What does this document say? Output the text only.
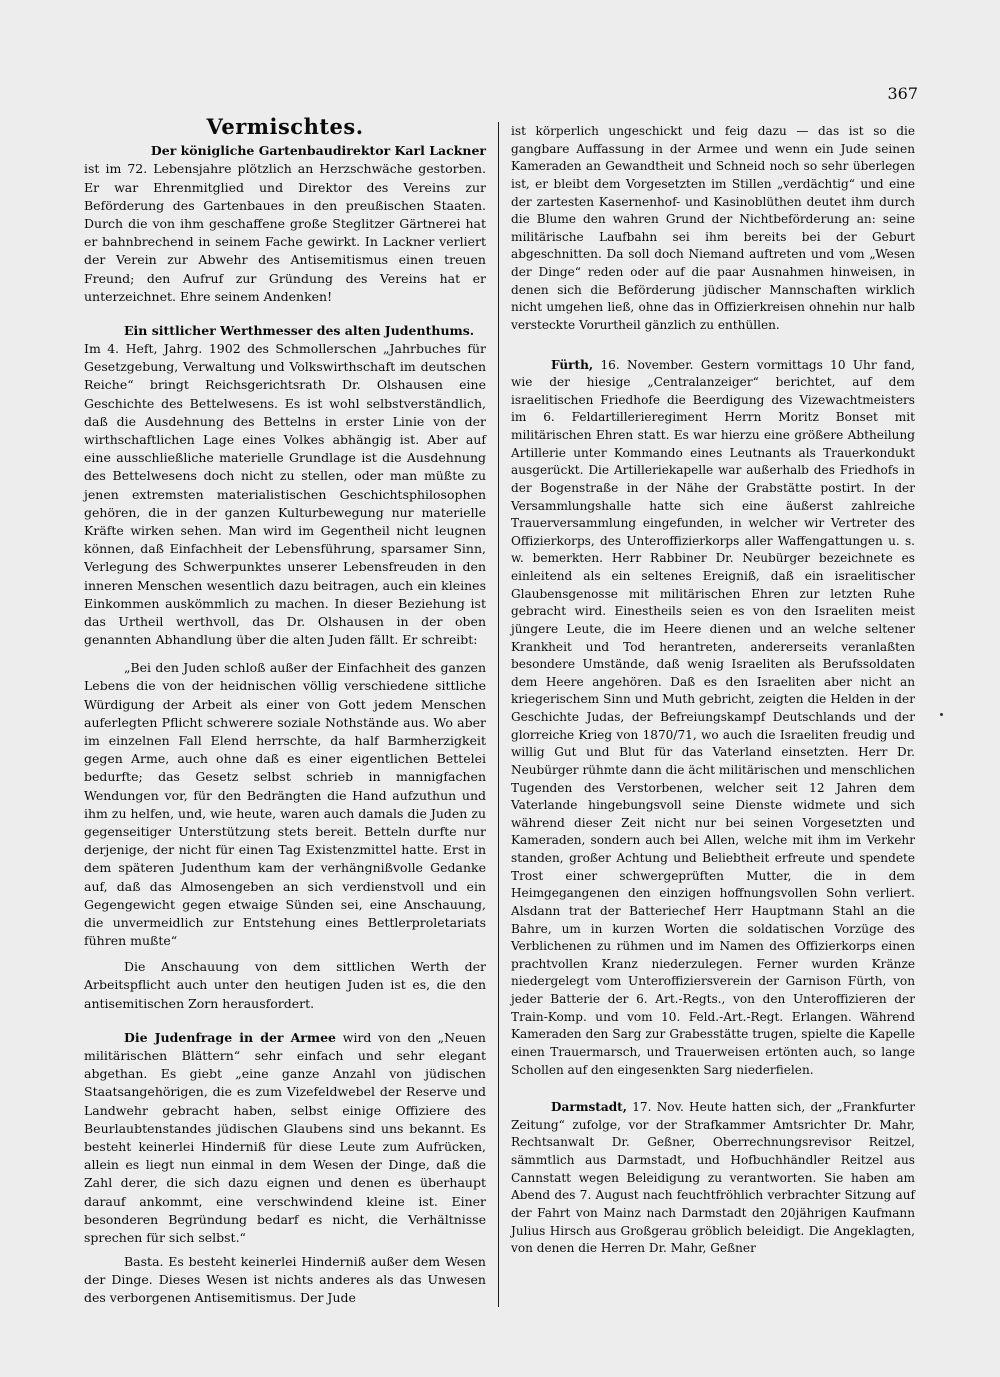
367
Vermischtes.

Der königliche Gartenbaudirektor Karl Lackner

ist im 72. Lebensjahre plötzlich an Herzschwäche gestorben. Er war Ehrenmitglied und Direktor des Vereins zur Beförderung des Gartenbaues in den preußischen Staaten. Durch die von ihm geschaffene große Steglitzer Gärtnerei hat er bahnbrechend in seinem Fache gewirkt. In Lackner verliert der Verein zur Abwehr des Antisemitismus einen treuen Freund; den Aufruf zur Gründung des Vereins hat er unterzeichnet. Ehre seinem Andenken!

Ein sittlicher Werthmesser des alten Judenthums.

Im 4. Heft, Jahrg. 1902 des Schmollerschen „Jahrbuches für Gesetzgebung, Verwaltung und Volkswirthschaft im deutschen Reiche“ bringt Reichsgerichtsrath Dr. Olshausen eine Geschichte des Bettelwesens. Es ist wohl selbstverständlich, daß die Ausdehnung des Bettelns in erster Linie von der wirthschaftlichen Lage eines Volkes abhängig ist. Aber auf eine ausschließliche materielle Grundlage ist die Ausdehnung des Bettelwesens doch nicht zu stellen, oder man müßte zu jenen extremsten materialistischen Geschichtsphilosophen gehören, die in der ganzen Kulturbewegung nur materielle Kräfte wirken sehen. Man wird im Gegentheil nicht leugnen können, daß Einfachheit der Lebensführung, sparsamer Sinn, Verlegung des Schwerpunktes unserer Lebensfreuden in den inneren Menschen wesentlich dazu beitragen, auch ein kleines Einkommen auskömmlich zu machen. In dieser Beziehung ist das Urtheil werthvoll, das Dr. Olshausen in der oben genannten Abhandlung über die alten Juden fällt. Er schreibt:

„Bei den Juden schloß außer der Einfachheit des ganzen Lebens die von der heidnischen völlig verschiedene sittliche Würdigung der Arbeit als einer von Gott jedem Menschen auferlegten Pflicht schwerere soziale Nothstände aus. Wo aber im einzelnen Fall Elend herrschte, da half Barmherzigkeit gegen Arme, auch ohne daß es einer eigentlichen Bettelei bedurfte; das Gesetz selbst schrieb in mannigfachen Wendungen vor, für den Bedrängten die Hand aufzuthun und ihm zu helfen, und, wie heute, waren auch damals die Juden zu gegenseitiger Unterstützung stets bereit. Betteln durfte nur derjenige, der nicht für einen Tag Existenzmittel hatte. Erst in dem späteren Judenthum kam der verhängnißvolle Gedanke auf, daß das Almosengeben an sich verdienstvoll und ein Gegengewicht gegen etwaige Sünden sei, eine Anschauung, die unvermeidlich zur Entstehung eines Bettlerproletariats führen mußte“

Die Anschauung von dem sittlichen Werth der Arbeitspflicht auch unter den heutigen Juden ist es, die den antisemitischen Zorn herausfordert.

Die Judenfrage in der Armee wird von den „Neuen militärischen Blättern“ sehr einfach und sehr elegant abgethan. Es giebt „eine ganze Anzahl von jüdischen Staatsangehörigen, die es zum Vizefeldwebel der Reserve und Landwehr gebracht haben, selbst einige Offiziere des Beurlaubtenstandes jüdischen Glaubens sind uns bekannt. Es besteht keinerlei Hinderniß für diese Leute zum Aufrücken, allein es liegt nun einmal in dem Wesen der Dinge, daß die Zahl derer, die sich dazu eignen und denen es überhaupt darauf ankommt, eine verschwindend kleine ist. Einer besonderen Begründung bedarf es nicht, die Verhältnisse sprechen für sich selbst.“

Basta. Es besteht keinerlei Hinderniß außer dem Wesen der Dinge. Dieses Wesen ist nichts anderes als das Unwesen des verborgenen Antisemitismus. Der Jude

ist körperlich ungeschickt und feig dazu — das ist so die gangbare Auffassung in der Armee und wenn ein Jude seinen Kameraden an Gewandtheit und Schneid noch so sehr überlegen ist, er bleibt dem Vorgesetzten im Stillen „verdächtig“ und eine der zartesten Kasernenhof- und Kasinoblüthen deutet ihm durch die Blume den wahren Grund der Nichtbeförderung an: seine militärische Laufbahn sei ihm bereits bei der Geburt abgeschnitten. Da soll doch Niemand auftreten und vom „Wesen der Dinge“ reden oder auf die paar Ausnahmen hinweisen, in denen sich die Beförderung jüdischer Mannschaften wirklich nicht umgehen ließ, ohne das in Offizierkreisen ohnehin nur halb versteckte Vorurtheil gänzlich zu enthüllen.

Fürth, 16. November. Gestern vormittags 10 Uhr fand, wie der hiesige „Centralanzeiger“ berichtet, auf dem israelitischen Friedhofe die Beerdigung des Vizewachtmeisters im 6. Feldartillerieregiment Herrn Moritz Bonset mit militärischen Ehren statt. Es war hierzu eine größere Abtheilung Artillerie unter Kommando eines Leutnants als Trauerkondukt ausgerückt. Die Artilleriekapelle war außerhalb des Friedhofs in der Bogenstraße in der Nähe der Grabstätte postirt. In der Versammlungshalle hatte sich eine äußerst zahlreiche Trauerversammlung eingefunden, in welcher wir Vertreter des Offizierkorps, des Unteroffizierkorps aller Waffengattungen u. s. w. bemerkten. Herr Rabbiner Dr. Neubürger bezeichnete es einleitend als ein seltenes Ereigniß, daß ein israelitischer Glaubensgenosse mit militärischen Ehren zur letzten Ruhe gebracht wird. Einestheils seien es von den Israeliten meist jüngere Leute, die im Heere dienen und an welche seltener Krankheit und Tod herantreten, andererseits veranlaßten besondere Umstände, daß wenig Israeliten als Berufssoldaten dem Heere angehören. Daß es den Israeliten aber nicht an kriegerischem Sinn und Muth gebricht, zeigten die Helden in der Geschichte Judas, der Befreiungskampf Deutschlands und der glorreiche Krieg von 1870/71, wo auch die Israeliten freudig und willig Gut und Blut für das Vaterland einsetzten. Herr Dr. Neubürger rühmte dann die ächt militärischen und menschlichen Tugenden des Verstorbenen, welcher seit 12 Jahren dem Vaterlande hingebungsvoll seine Dienste widmete und sich während dieser Zeit nicht nur bei seinen Vorgesetzten und Kameraden, sondern auch bei Allen, welche mit ihm im Verkehr standen, großer Achtung und Beliebtheit erfreute und spendete Trost einer schwergeprüften Mutter, die in dem Heimgegangenen den einzigen hoffnungsvollen Sohn verliert. Alsdann trat der Batteriechef Herr Hauptmann Stahl an die Bahre, um in kurzen Worten die soldatischen Vorzüge des Verblichenen zu rühmen und im Namen des Offizierkorps einen prachtvollen Kranz niederzulegen. Ferner wurden Kränze niedergelegt vom Unteroffiziersverein der Garnison Fürth, von jeder Batterie der 6. Art.-Regts., von den Unteroffizieren der Train-Komp. und vom 10. Feld.-Art.-Regt. Erlangen. Während Kameraden den Sarg zur Grabesstätte trugen, spielte die Kapelle einen Trauermarsch, und Trauerweisen ertönten auch, so lange Schollen auf den eingesenkten Sarg niederfielen.

Darmstadt, 17. Nov. Heute hatten sich, der „Frankfurter Zeitung“ zufolge, vor der Strafkammer Amtsrichter Dr. Mahr, Rechtsanwalt Dr. Geßner, Oberrechnungsrevisor Reitzel, sämmtlich aus Darmstadt, und Hofbuchhändler Reitzel aus Cannstatt wegen Beleidigung zu verantworten. Sie haben am Abend des 7. August nach feuchtfröhlich verbrachter Sitzung auf der Fahrt von Mainz nach Darmstadt den 20jährigen Kaufmann Julius Hirsch aus Großgerau gröblich beleidigt. Die Angeklagten, von denen die Herren Dr. Mahr, Geßner
